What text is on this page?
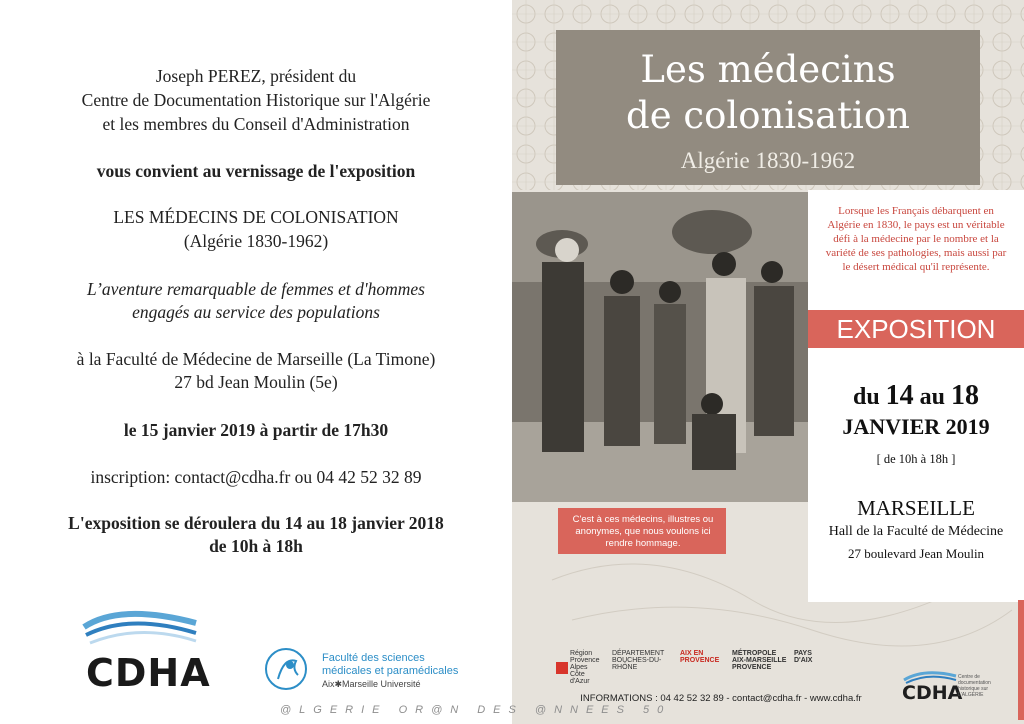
Joseph PEREZ, président du
Centre de Documentation Historique sur l'Algérie
et les membres du Conseil d'Administration
vous convient au vernissage de l'exposition
LES MÉDECINS DE COLONISATION
(Algérie 1830-1962)
L’aventure remarquable de femmes et d'hommes
engagés au service des populations
à la Faculté de Médecine de Marseille (La Timone)
27 bd Jean Moulin (5e)
le 15 janvier 2019 à partir de 17h30
inscription: contact@cdha.fr ou 04 42 52 32 89
L'exposition se déroulera du 14 au 18 janvier 2018
de 10h à 18h
CDHA	Faculté des sciences
médicales et paramédicales
Aix✱Marseille Université
Les médecins
de colonisation
Algérie 1830-1962
Lorsque les Français débarquent en Algérie en 1830, le pays est un véritable défi à la médecine par le nombre et la variété de ses pathologies, mais aussi par le désert médical qu'il représente.
EXPOSITION
du 14 au 18
JANVIER 2019
[ de 10h à 18h ]
MARSEILLE
Hall de la Faculté de Médecine
27 boulevard Jean Moulin
C'est à ces médecins, illustres ou anonymes, que nous voulons ici rendre hommage.
Région Provence Alpes Côte d'Azur
DÉPARTEMENT BOUCHES-DU-RHÔNE
AIX EN PROVENCE
MÉTROPOLE AIX-MARSEILLE PROVENCE
PAYS D'AIX
INFORMATIONS : 04 42 52 32 89 - contact@cdha.fr - www.cdha.fr	CDHA
Centre de documentation historique sur L'ALGÉRIE
@LGERIE OR@N DES @NNEES 50
